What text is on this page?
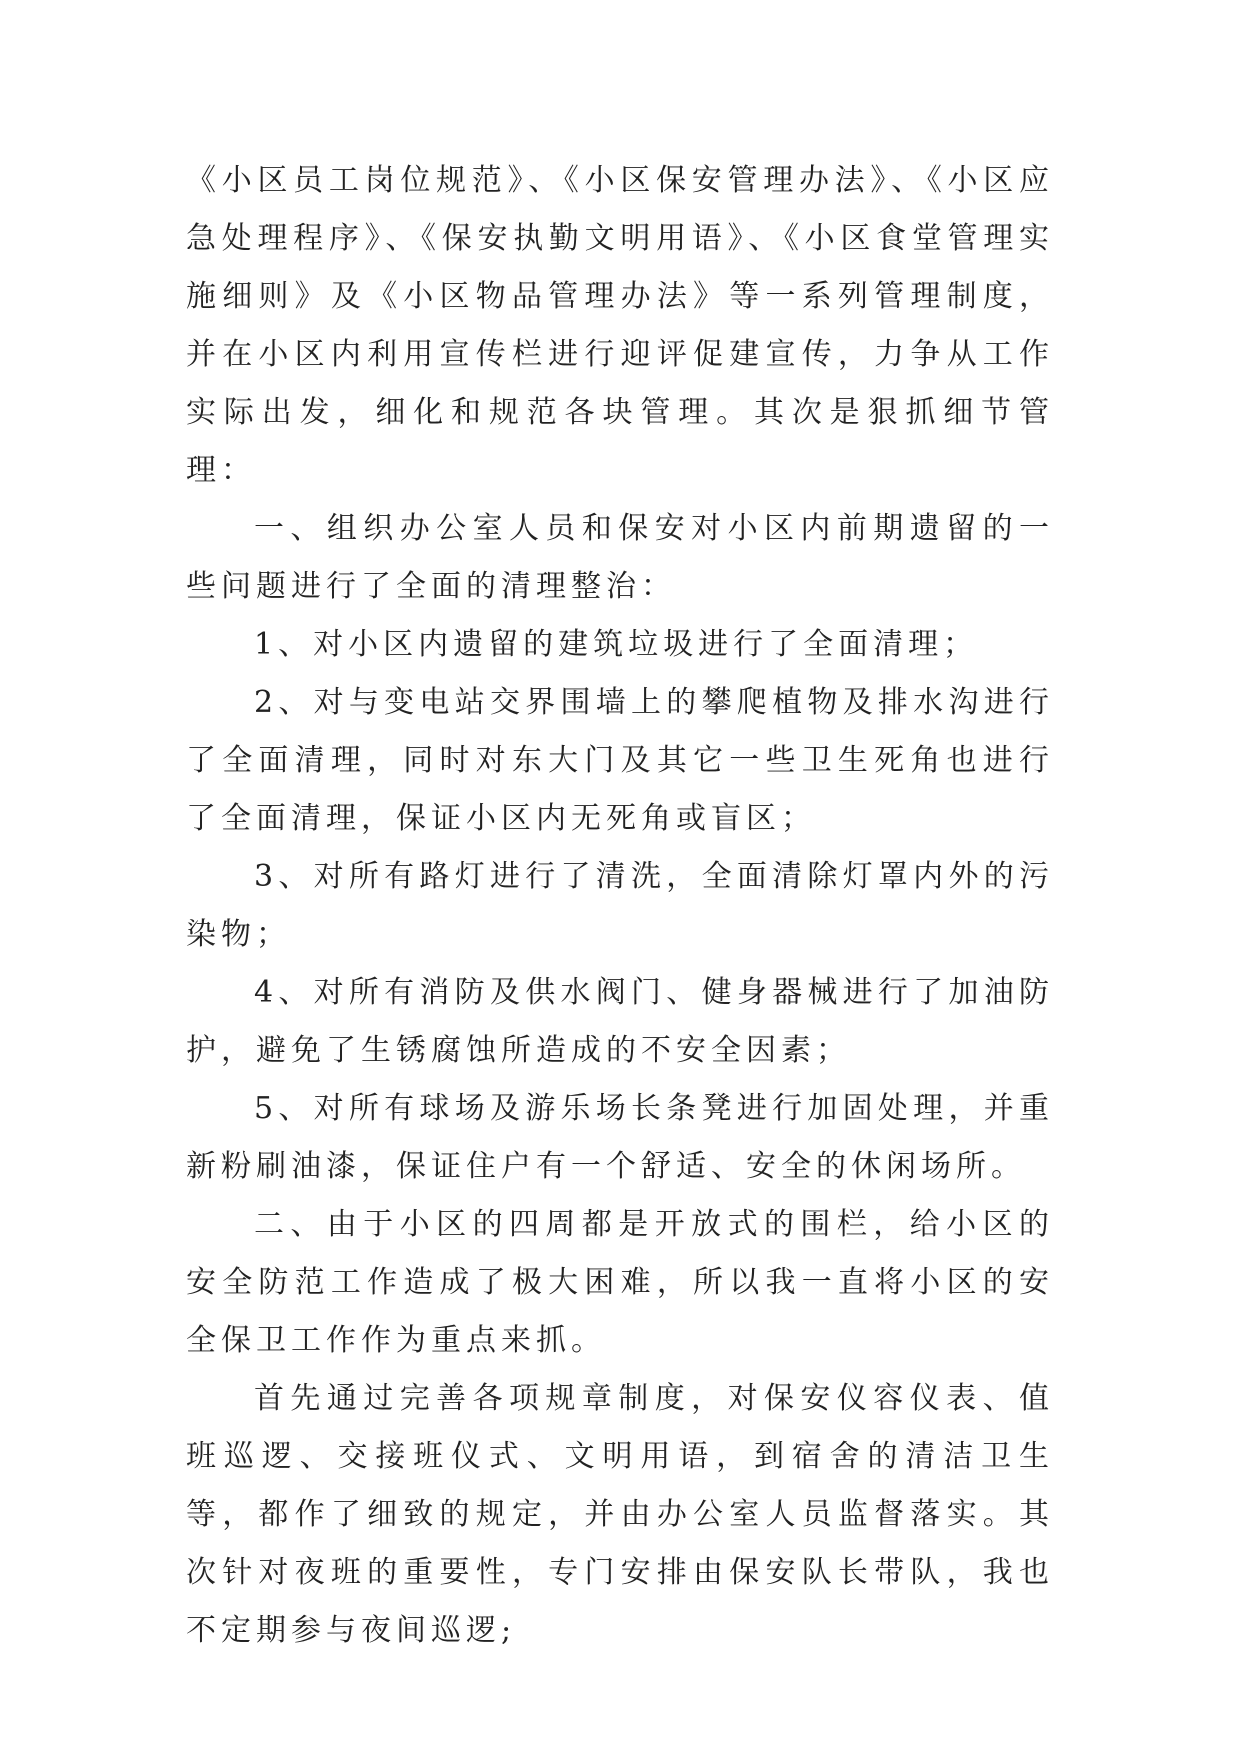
《小区员工岗位规范》、《小区保安管理办法》、《小区应急处理程序》、《保安执勤文明用语》、《小区食堂管理实施细则》及《小区物品管理办法》等一系列管理制度，并在小区内利用宣传栏进行迎评促建宣传，力争从工作实际出发，细化和规范各块管理。其次是狠抓细节管理：

一、组织办公室人员和保安对小区内前期遗留的一些问题进行了全面的清理整治：

1、对小区内遗留的建筑垃圾进行了全面清理；

2、对与变电站交界围墙上的攀爬植物及排水沟进行了全面清理，同时对东大门及其它一些卫生死角也进行了全面清理，保证小区内无死角或盲区；

3、对所有路灯进行了清洗，全面清除灯罩内外的污染物；

4、对所有消防及供水阀门、健身器械进行了加油防护，避免了生锈腐蚀所造成的不安全因素；

5、对所有球场及游乐场长条凳进行加固处理，并重新粉刷油漆，保证住户有一个舒适、安全的休闲场所。

二、由于小区的四周都是开放式的围栏，给小区的安全防范工作造成了极大困难，所以我一直将小区的安全保卫工作作为重点来抓。

首先通过完善各项规章制度，对保安仪容仪表、值班巡逻、交接班仪式、文明用语，到宿舍的清洁卫生等，都作了细致的规定，并由办公室人员监督落实。其次针对夜班的重要性，专门安排由保安队长带队，我也不定期参与夜间巡逻;
